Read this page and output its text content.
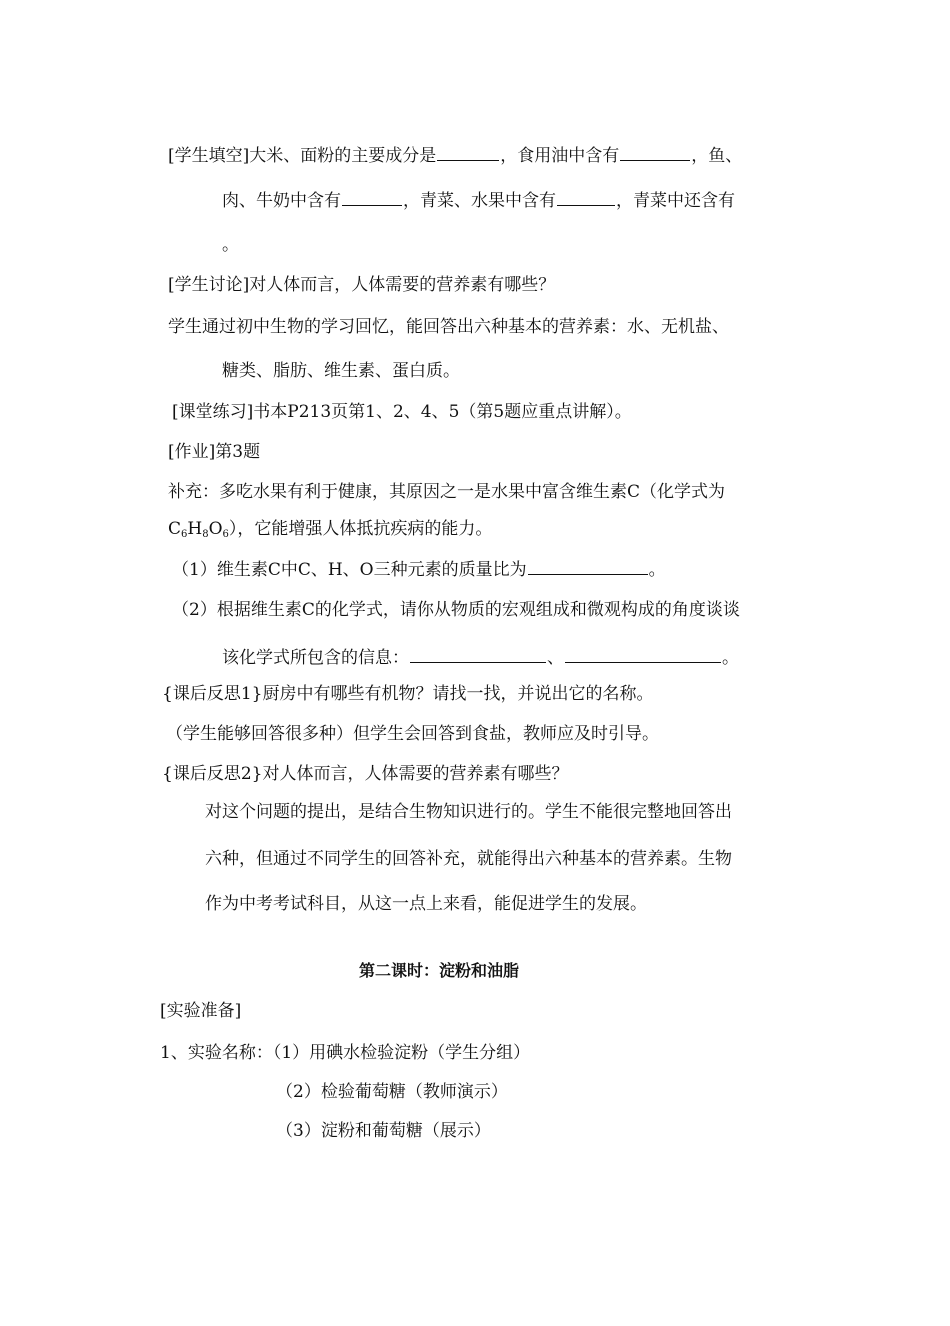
[学生填空]大米、面粉的主要成分是	，食用油中含有	，鱼、
肉、牛奶中含有	，青菜、水果中含有	，青菜中还含有
。
[学生讨论]对人体而言，人体需要的营养素有哪些？
学生通过初中生物的学习回忆，能回答出六种基本的营养素：水、无机盐、
糖类、脂肪、维生素、蛋白质。
[课堂练习]书本P213页第1、2、4、5（第5题应重点讲解）。
[作业]第3题
补充：多吃水果有利于健康，其原因之一是水果中富含维生素C（化学式为
$C_6H_8O_6$），它能增强人体抵抗疾病的能力。
（1）维生素C中C、H、O三种元素的质量比为	。
（2）根据维生素C的化学式，请你从物质的宏观组成和微观构成的角度谈谈
该化学式所包含的信息：	、	。
{课后反思1}厨房中有哪些有机物？请找一找，并说出它的名称。
（学生能够回答很多种）但学生会回答到食盐，教师应及时引导。
{课后反思2}对人体而言，人体需要的营养素有哪些？
对这个问题的提出，是结合生物知识进行的。学生不能很完整地回答出
六种，但通过不同学生的回答补充，就能得出六种基本的营养素。生物
作为中考考试科目，从这一点上来看，能促进学生的发展。
第二课时：淀粉和油脂
[实验准备]
1、实验名称：（1）用碘水检验淀粉（学生分组）
（2）检验葡萄糖（教师演示）
（3）淀粉和葡萄糖（展示）
